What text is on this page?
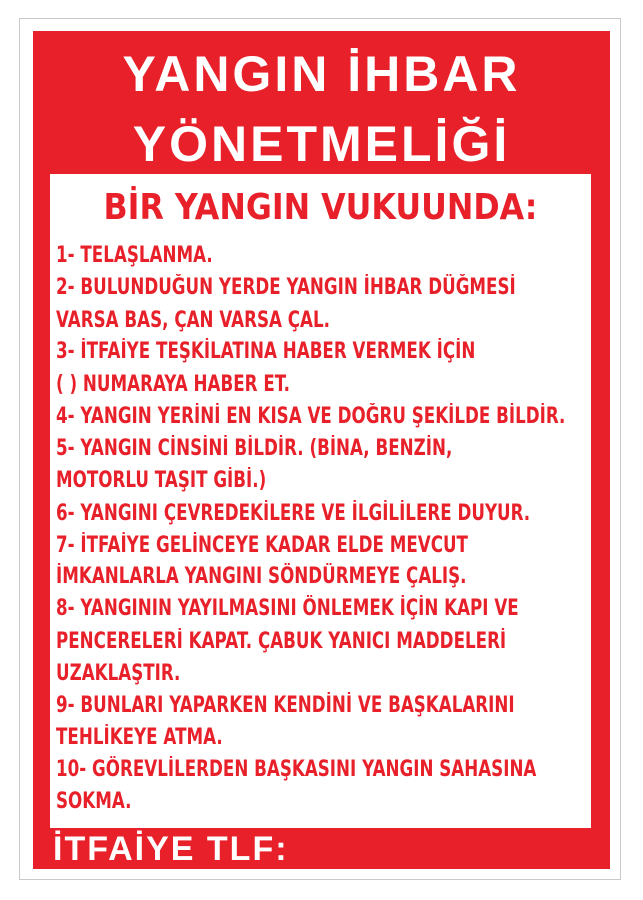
YANGIN İHBAR
YÖNETMELİĞİ
BİR YANGIN VUKUUNDA:
1- TELAŞLANMA.
2- BULUNDUĞUN YERDE YANGIN İHBAR DÜĞMESİ
VARSA BAS, ÇAN VARSA ÇAL.
3- İTFAİYE TEŞKİLATINA HABER VERMEK İÇİN
( ) NUMARAYA HABER ET.
4- YANGIN YERİNİ EN KISA VE DOĞRU ŞEKİLDE BİLDİR.
5- YANGIN CİNSİNİ BİLDİR. (BİNA, BENZİN,
MOTORLU TAŞIT GİBİ.)
6- YANGINI ÇEVREDEKİLERE VE İLGİLİLERE DUYUR.
7- İTFAİYE GELİNCEYE KADAR ELDE MEVCUT
İMKANLARLA YANGINI SÖNDÜRMEYE ÇALIŞ.
8- YANGININ YAYILMASINI ÖNLEMEK İÇİN KAPI VE
PENCERELERİ KAPAT. ÇABUK YANICI MADDELERİ
UZAKLAŞTIR.
9- BUNLARI YAPARKEN KENDİNİ VE BAŞKALARINI
TEHLİKEYE ATMA.
10- GÖREVLİLERDEN BAŞKASINI YANGIN SAHASINA
SOKMA.
İTFAİYE TLF:
